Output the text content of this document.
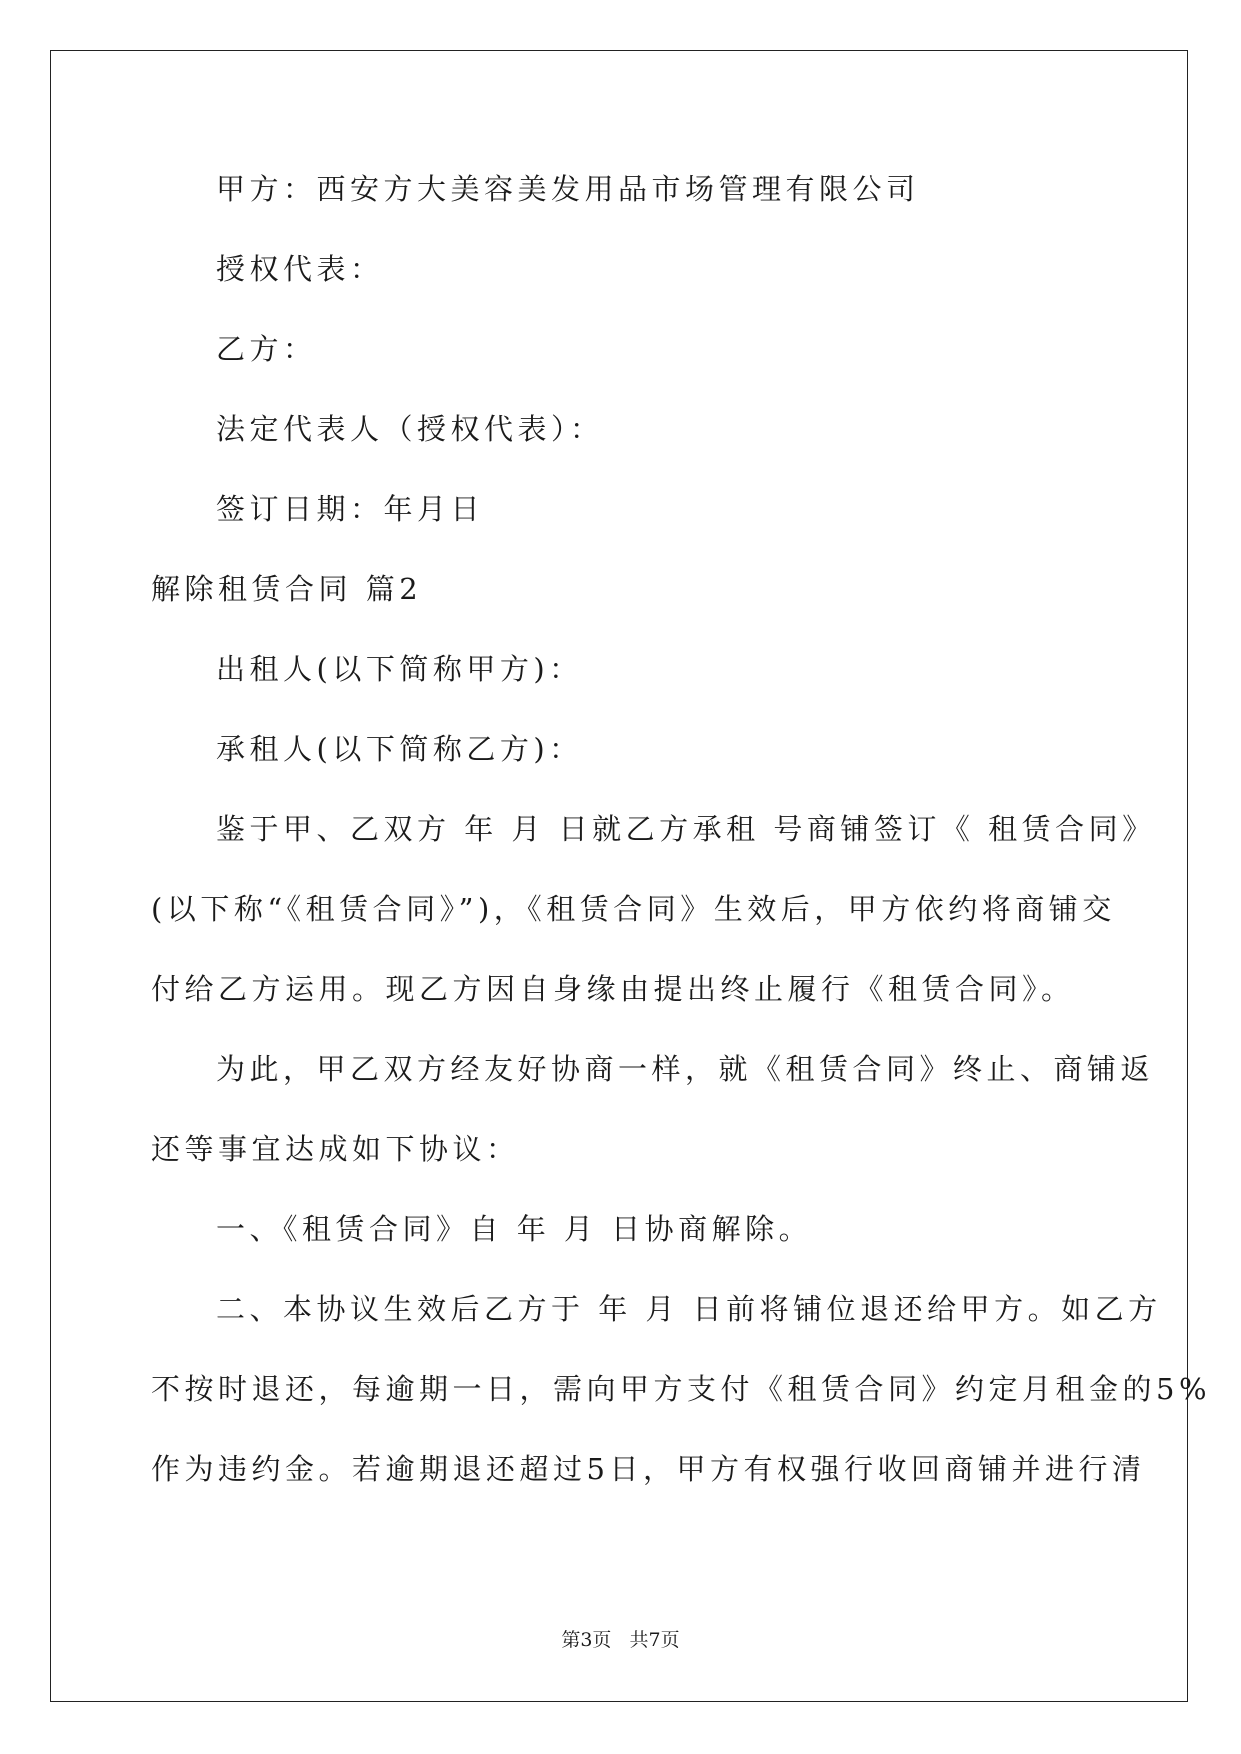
甲方：西安方大美容美发用品市场管理有限公司
授权代表：
乙方：
法定代表人（授权代表）：
签订日期：年月日
解除租赁合同 篇2
出租人(以下简称甲方)：
承租人(以下简称乙方)：
鉴于甲、乙双方 年 月 日就乙方承租 号商铺签订《 租赁合同》
(以下称“《租赁合同》”)，《租赁合同》生效后，甲方依约将商铺交
付给乙方运用。现乙方因自身缘由提出终止履行《租赁合同》。
为此，甲乙双方经友好协商一样，就《租赁合同》终止、商铺返
还等事宜达成如下协议：
一、《租赁合同》自 年 月 日协商解除。
二、本协议生效后乙方于 年 月 日前将铺位退还给甲方。如乙方
不按时退还，每逾期一日，需向甲方支付《租赁合同》约定月租金的5%
作为违约金。若逾期退还超过5日，甲方有权强行收回商铺并进行清
第3页   共7页
